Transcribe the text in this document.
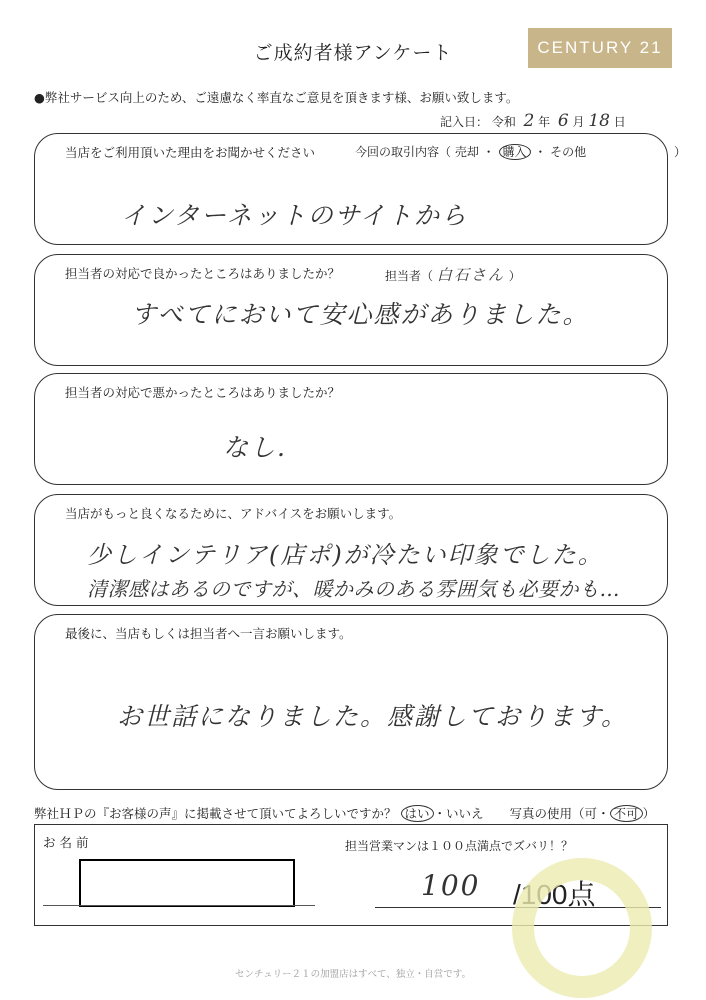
ご成約者様アンケート	CENTURY 21
●弊社サービス向上のため、ご遠慮なく率直なご意見を頂きます様、お願い致します。
記入日： 令和 2 年 6 月 18 日
当店をご利用頂いた理由をお聞かせください	今回の取引内容（ 売却 ・ 購入 ・ その他	）
インターネットのサイトから
担当者の対応で良かったところはありましたか？	担当者（ 白石さん ）
すべてにおいて安心感がありました。
担当者の対応で悪かったところはありましたか？
なし.
当店がもっと良くなるために、アドバイスをお願いします。
少しインテリア(店ポ)が冷たい印象でした。
清潔感はあるのですが、暖かみのある雰囲気も必要かも…
最後に、当店もしくは担当者へ一言お願いします。
お世話になりました。感謝しております。
弊社ＨＰの『お客様の声』に掲載させて頂いてよろしいですか？ はい ・いいえ 写真の使用（可・ 不可 ）
お 名 前	担当営業マンは１００点満点でズバリ！？
100 /100点
センチュリー２１の加盟店はすべて、独立・自営です。
